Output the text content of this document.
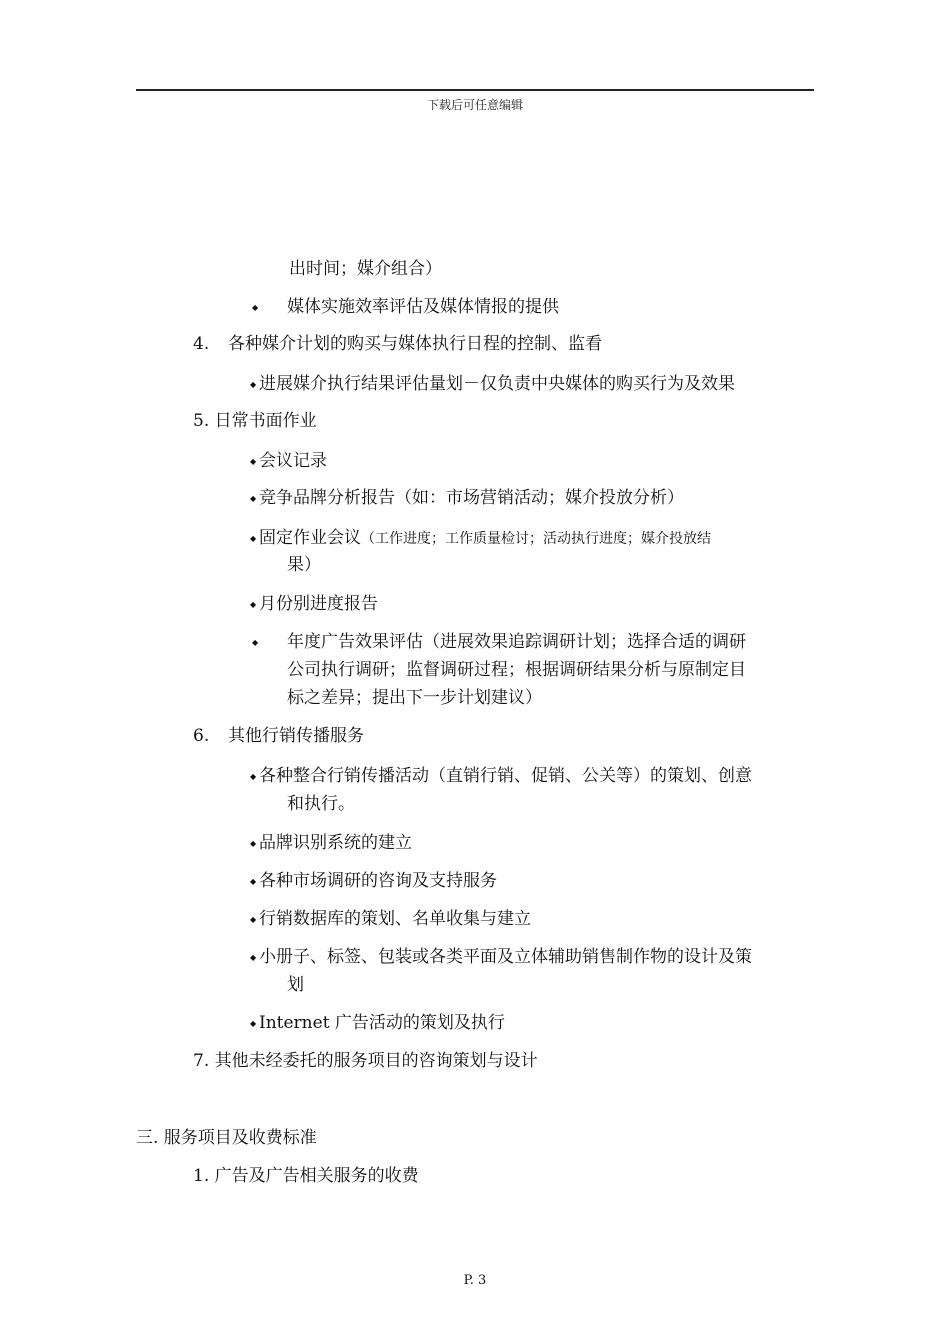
下载后可任意编辑
出时间；媒介组合）
◆ 媒体实施效率评估及媒体情报的提供
4. 各种媒介计划的购买与媒体执行日程的控制、监看
◆ 进展媒介执行结果评估量划－仅负责中央媒体的购买行为及效果
5. 日常书面作业
◆ 会议记录
◆ 竞争品牌分析报告（如：市场营销活动；媒介投放分析）
◆ 固定作业会议（工作进度；工作质量检讨；活动执行进度；媒介投放结
果）
◆ 月份别进度报告
◆ 年度广告效果评估（进展效果追踪调研计划；选择合适的调研
公司执行调研；监督调研过程；根据调研结果分析与原制定目
标之差异；提出下一步计划建议）
6. 其他行销传播服务
◆ 各种整合行销传播活动（直销行销、促销、公关等）的策划、创意
和执行。
◆ 品牌识别系统的建立
◆ 各种市场调研的咨询及支持服务
◆ 行销数据库的策划、名单收集与建立
◆ 小册子、标签、包装或各类平面及立体辅助销售制作物的设计及策
划
◆ Internet 广告活动的策划及执行
7. 其他未经委托的服务项目的咨询策划与设计
三. 服务项目及收费标准
1. 广告及广告相关服务的收费
P. 3
